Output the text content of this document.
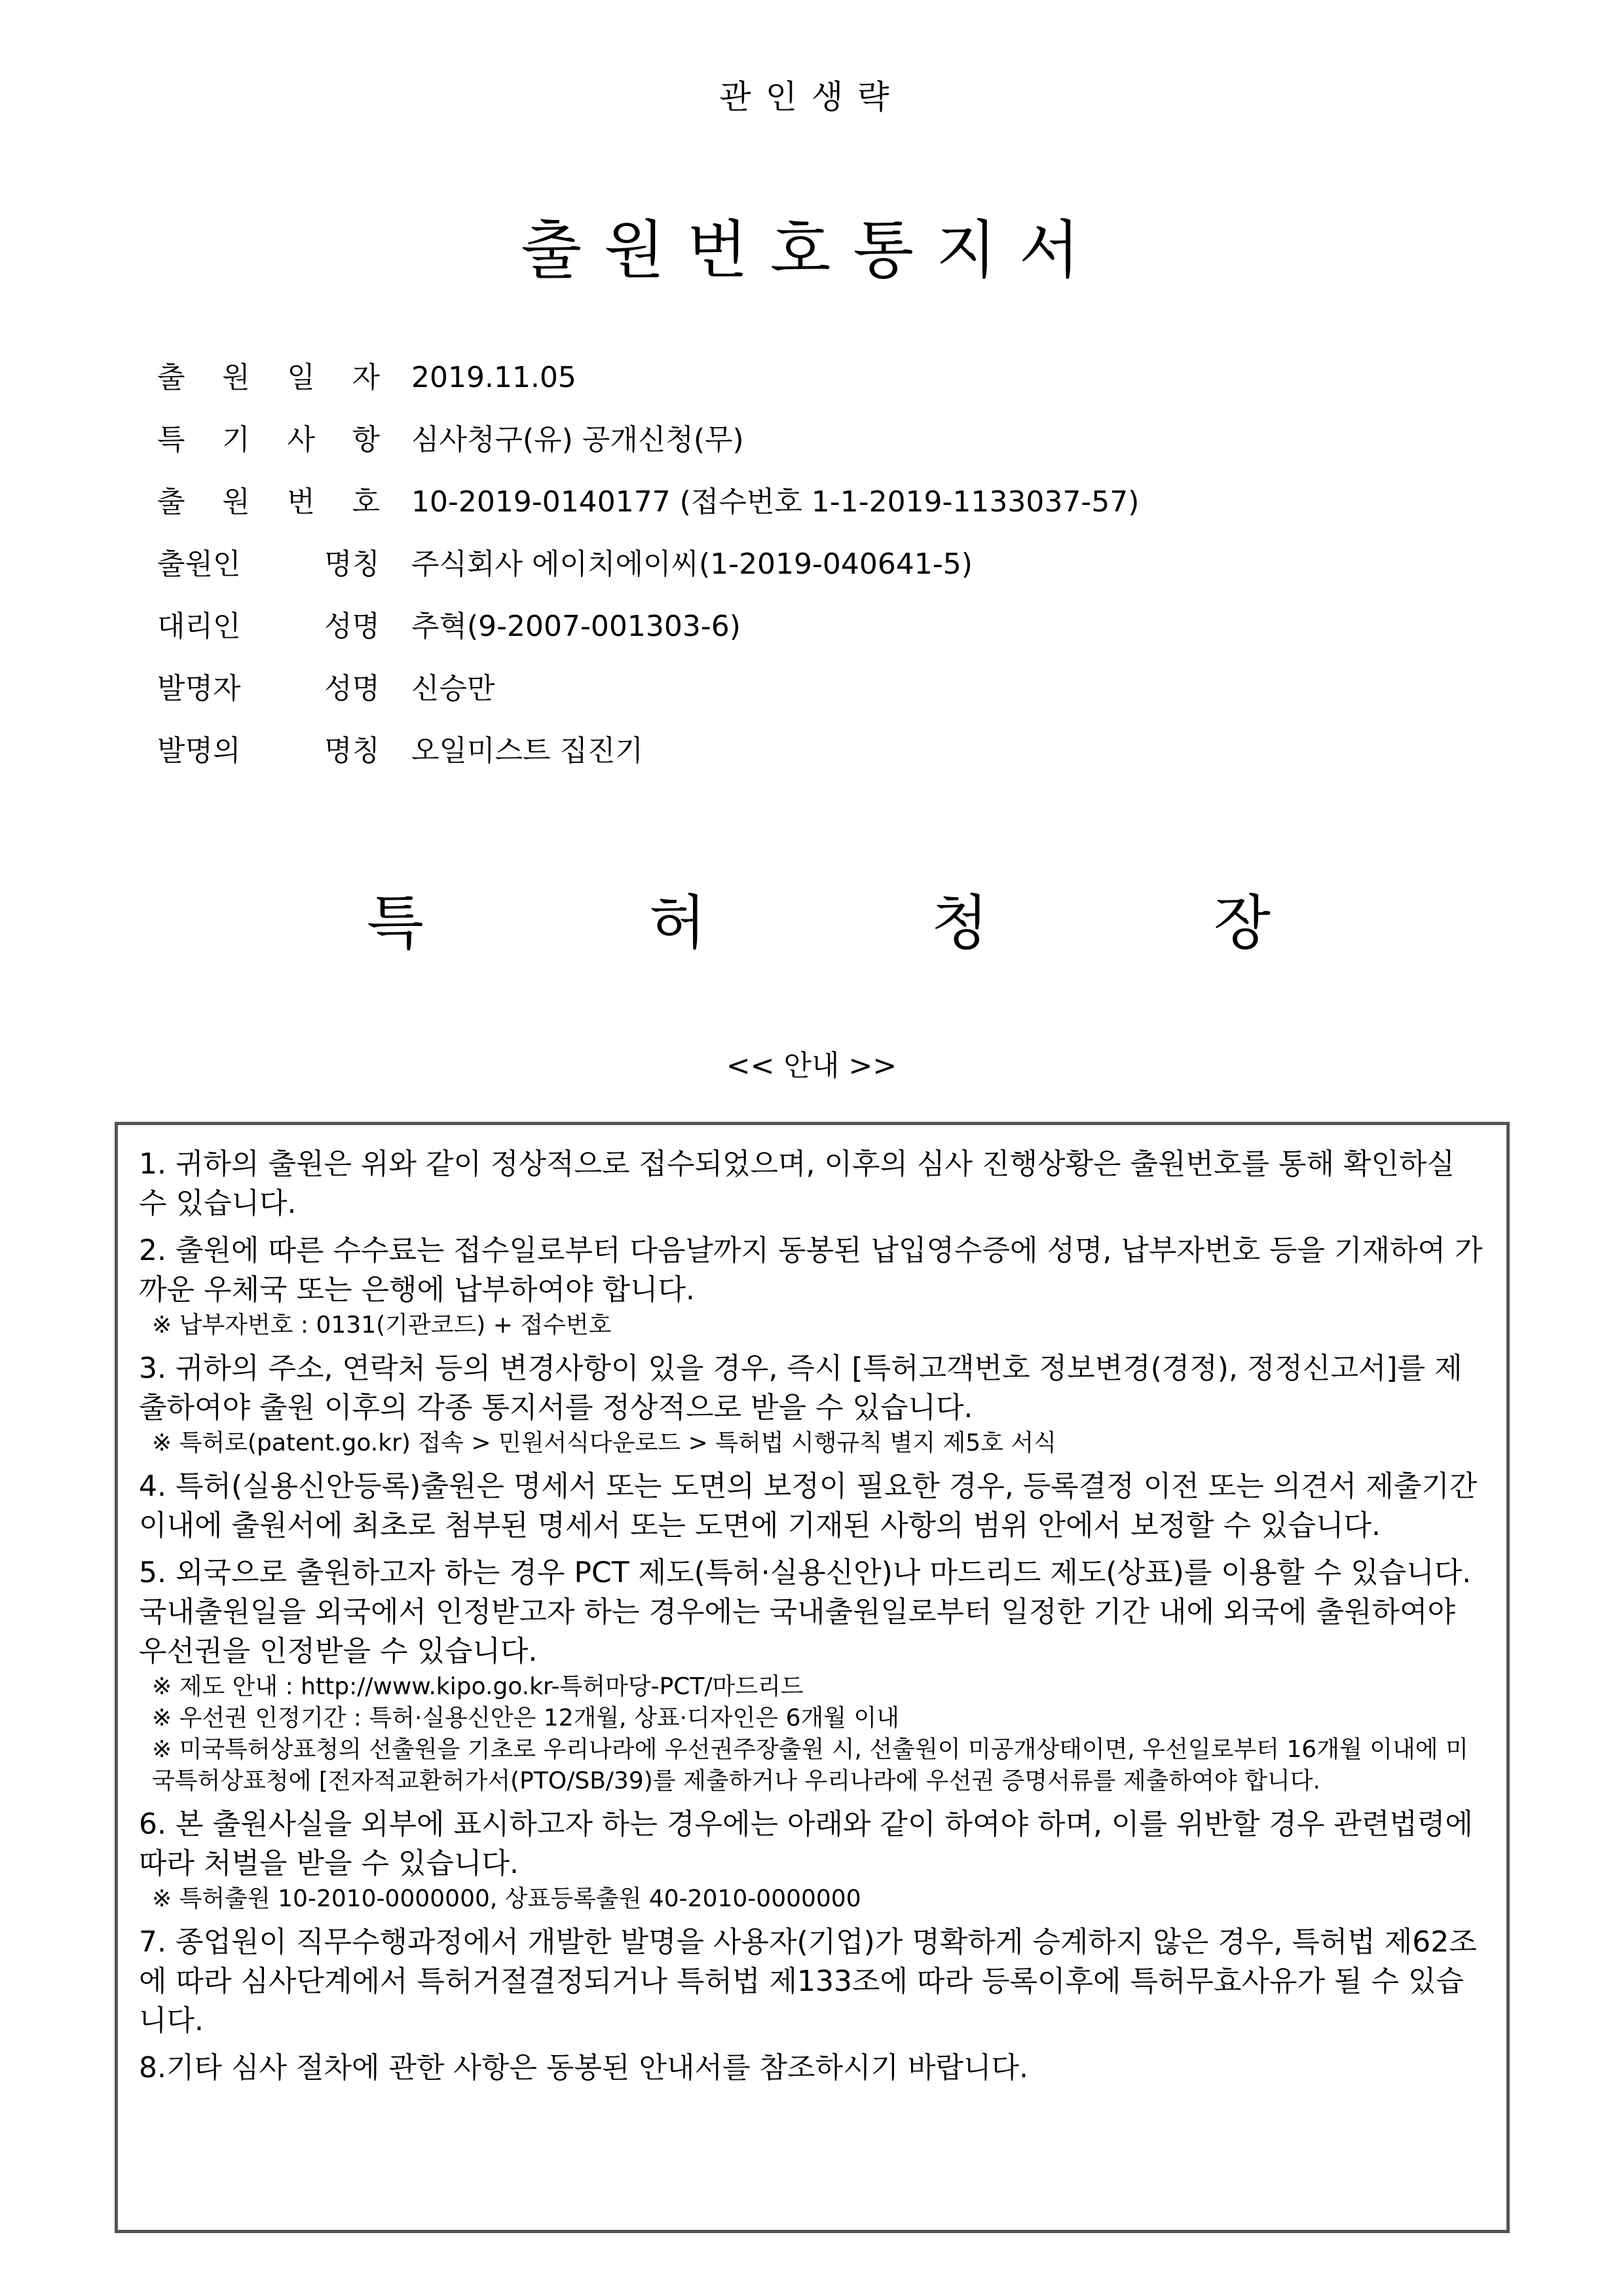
관인생략
출원번호통지서
출 원 일 자 2019.11.05
특 기 사 항 심사청구(유) 공개신청(무)
출 원 번 호 10-2019-0140177 (접수번호 1-1-2019-1133037-57)
출원인	명칭 주식회사 에이치에이씨(1-2019-040641-5)
대리인	성명 추혁(9-2007-001303-6)
발명자	성명 신승만
발명의	명칭 오일미스트 집진기
특	허	청	장
<< 안내 >>
1. 귀하의 출원은 위와 같이 정상적으로 접수되었으며, 이후의 심사 진행상황은 출원번호를 통해 확인하실 수 있습니다.
2. 출원에 따른 수수료는 접수일로부터 다음날까지 동봉된 납입영수증에 성명, 납부자번호 등을 기재하여 가까운 우체국 또는 은행에 납부하여야 합니다.
※ 납부자번호 : 0131(기관코드) + 접수번호
3. 귀하의 주소, 연락처 등의 변경사항이 있을 경우, 즉시 [특허고객번호 정보변경(경정), 정정신고서]를 제출하여야 출원 이후의 각종 통지서를 정상적으로 받을 수 있습니다.
※ 특허로(patent.go.kr) 접속 > 민원서식다운로드 > 특허법 시행규칙 별지 제5호 서식
4. 특허(실용신안등록)출원은 명세서 또는 도면의 보정이 필요한 경우, 등록결정 이전 또는 의견서 제출기간 이내에 출원서에 최초로 첨부된 명세서 또는 도면에 기재된 사항의 범위 안에서 보정할 수 있습니다.
5. 외국으로 출원하고자 하는 경우 PCT 제도(특허·실용신안)나 마드리드 제도(상표)를 이용할 수 있습니다. 국내출원일을 외국에서 인정받고자 하는 경우에는 국내출원일로부터 일정한 기간 내에 외국에 출원하여야 우선권을 인정받을 수 있습니다.
※ 제도 안내 : http://www.kipo.go.kr-특허마당-PCT/마드리드
※ 우선권 인정기간 : 특허·실용신안은 12개월, 상표·디자인은 6개월 이내
※ 미국특허상표청의 선출원을 기초로 우리나라에 우선권주장출원 시, 선출원이 미공개상태이면, 우선일로부터 16개월 이내에 미국특허상표청에 [전자적교환허가서(PTO/SB/39)를 제출하거나 우리나라에 우선권 증명서류를 제출하여야 합니다.
6. 본 출원사실을 외부에 표시하고자 하는 경우에는 아래와 같이 하여야 하며, 이를 위반할 경우 관련법령에 따라 처벌을 받을 수 있습니다.
※ 특허출원 10-2010-0000000, 상표등록출원 40-2010-0000000
7. 종업원이 직무수행과정에서 개발한 발명을 사용자(기업)가 명확하게 승계하지 않은 경우, 특허법 제62조에 따라 심사단계에서 특허거절결정되거나 특허법 제133조에 따라 등록이후에 특허무효사유가 될 수 있습니다.
8.기타 심사 절차에 관한 사항은 동봉된 안내서를 참조하시기 바랍니다.
